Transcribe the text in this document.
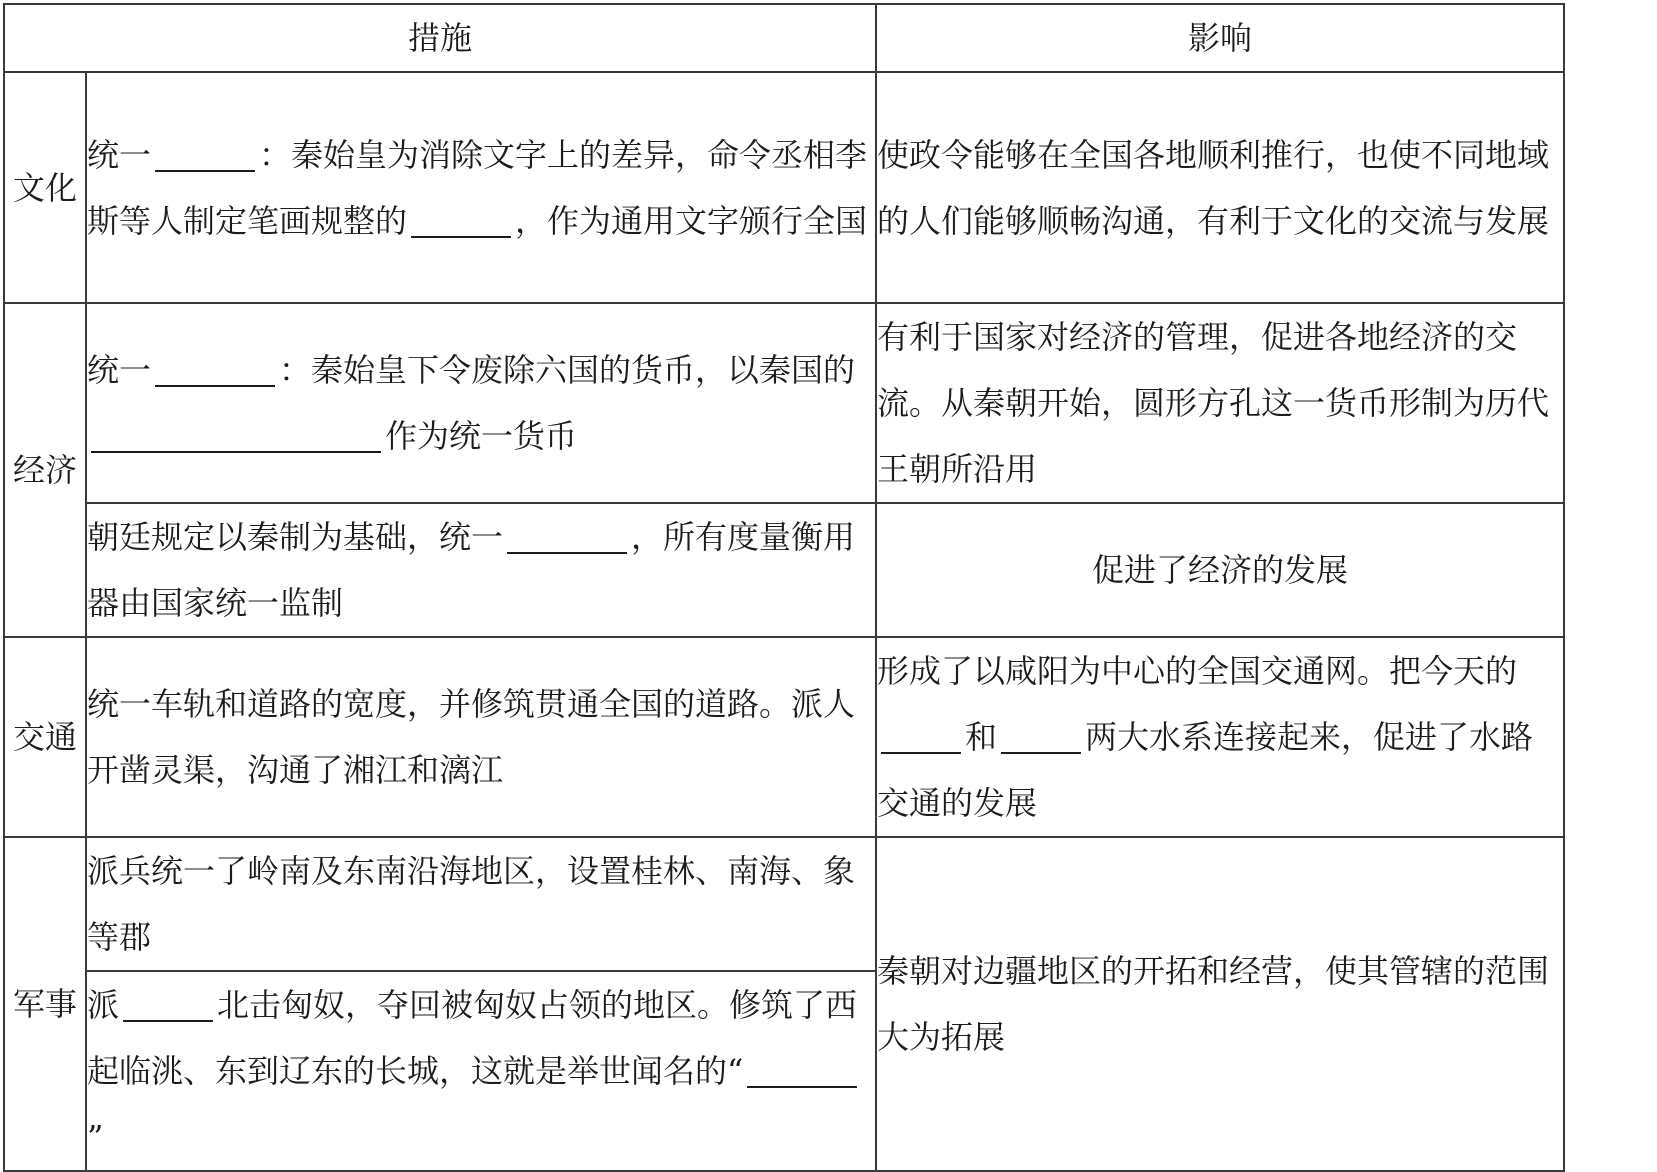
措施		影响
文化	统一 ：秦始皇为消除文字上的差异，命令丞相李斯等人制定笔画规整的 ，作为通用文字颁行全国	使政令能够在全国各地顺利推行，也使不同地域的人们能够顺畅沟通，有利于文化的交流与发展
经济	统一 ：秦始皇下令废除六国的货币，以秦国的作为统一货币	有利于国家对经济的管理，促进各地经济的交流。从秦朝开始，圆形方孔这一货币形制为历代王朝所沿用
	朝廷规定以秦制为基础，统一 ，所有度量衡用器由国家统一监制	促进了经济的发展
交通	统一车轨和道路的宽度，并修筑贯通全国的道路。派人开凿灵渠，沟通了湘江和漓江	形成了以咸阳为中心的全国交通网。把今天的和 两大水系连接起来，促进了水路交通的发展
军事	派兵统一了岭南及东南沿海地区，设置桂林、南海、象等郡	秦朝对边疆地区的开拓和经营，使其管辖的范围大为拓展
	派 北击匈奴，夺回被匈奴占领的地区。修筑了西起临洮、东到辽东的长城，这就是举世闻名的“”	
